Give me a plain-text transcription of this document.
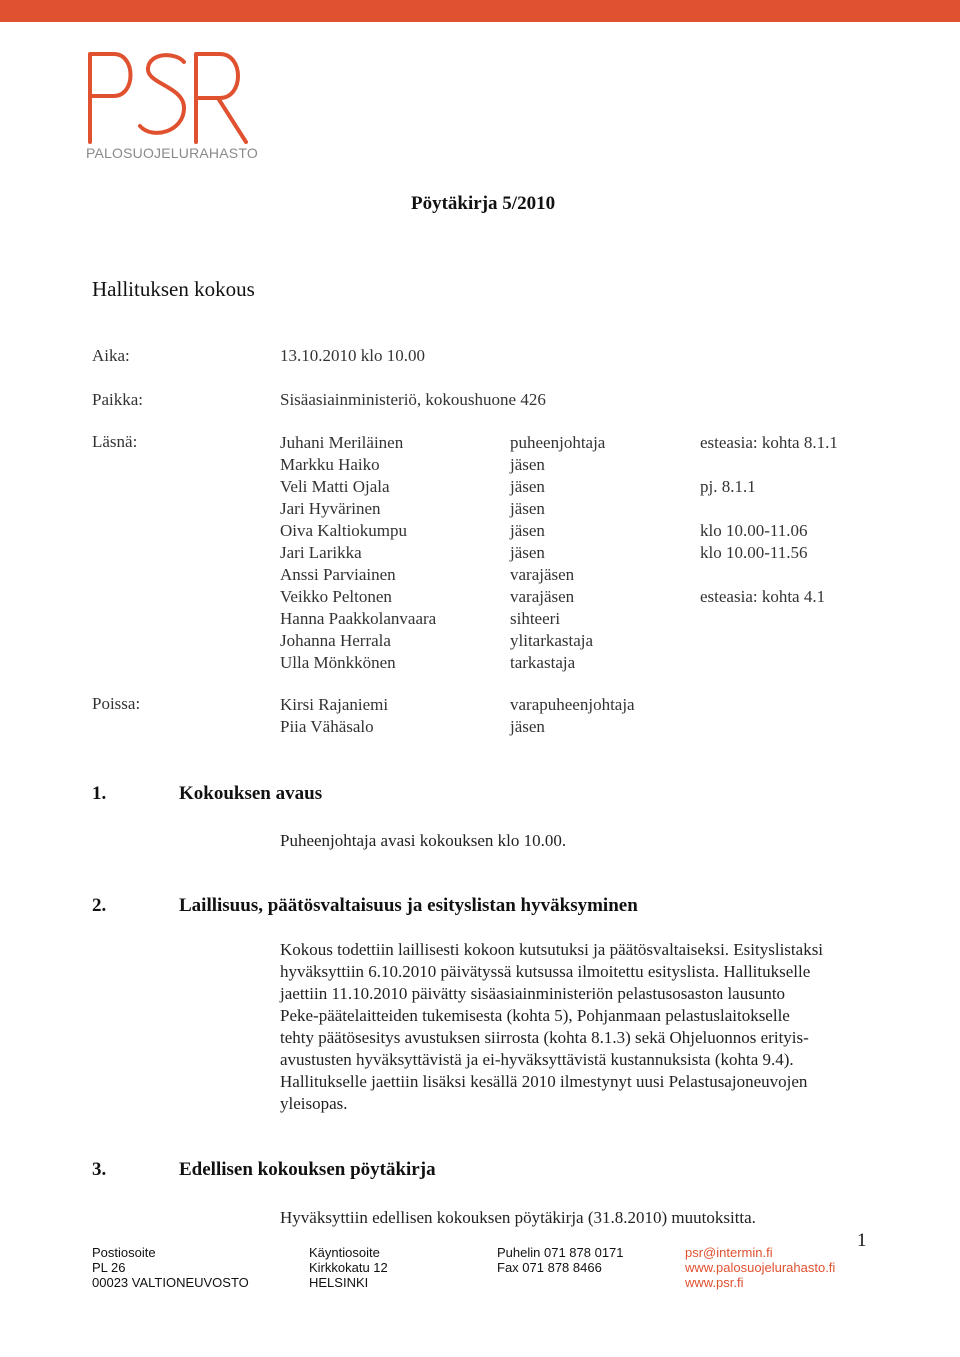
PALOSUOJELURAHASTO
Pöytäkirja 5/2010
Hallituksen kokous
Aika:	13.10.2010 klo 10.00
Paikka:	Sisäasiainministeriö, kokoushuone 426
Läsnä:	Juhani Meriläinen	puheenjohtaja	esteasia: kohta 8.1.1
Markku Haiko	jäsen
Veli Matti Ojala	jäsen	pj. 8.1.1
Jari Hyvärinen	jäsen
Oiva Kaltiokumpu	jäsen	klo 10.00-11.06
Jari Larikka	jäsen	klo 10.00-11.56
Anssi Parviainen	varajäsen
Veikko Peltonen	varajäsen	esteasia: kohta 4.1
Hanna Paakkolanvaara	sihteeri
Johanna Herrala	ylitarkastaja
Ulla Mönkkönen	tarkastaja
Poissa:	Kirsi Rajaniemi	varapuheenjohtaja
Piia Vähäsalo	jäsen
1.	Kokouksen avaus
Puheenjohtaja avasi kokouksen klo 10.00.
2.	Laillisuus, päätösvaltaisuus ja esityslistan hyväksyminen
Kokous todettiin laillisesti kokoon kutsutuksi ja päätösvaltaiseksi. Esityslistaksi
hyväksyttiin 6.10.2010 päivätyssä kutsussa ilmoitettu esityslista. Hallitukselle
jaettiin 11.10.2010 päivätty sisäasiainministeriön pelastusosaston lausunto
Peke-päätelaitteiden tukemisesta (kohta 5), Pohjanmaan pelastuslaitokselle
tehty päätösesitys avustuksen siirrosta (kohta 8.1.3) sekä Ohjeluonnos erityis-
avustusten hyväksyttävistä ja ei-hyväksyttävistä kustannuksista (kohta 9.4).
Hallitukselle jaettiin lisäksi kesällä 2010 ilmestynyt uusi Pelastusajoneuvojen
yleisopas.
3.	Edellisen kokouksen pöytäkirja
Hyväksyttiin edellisen kokouksen pöytäkirja (31.8.2010) muutoksitta.
1
Postiosoite
PL 26
00023 VALTIONEUVOSTO
Käyntiosoite
Kirkkokatu 12
HELSINKI
Puhelin 071 878 0171
Fax 071 878 8466
psr@intermin.fi
www.palosuojelurahasto.fi
www.psr.fi
